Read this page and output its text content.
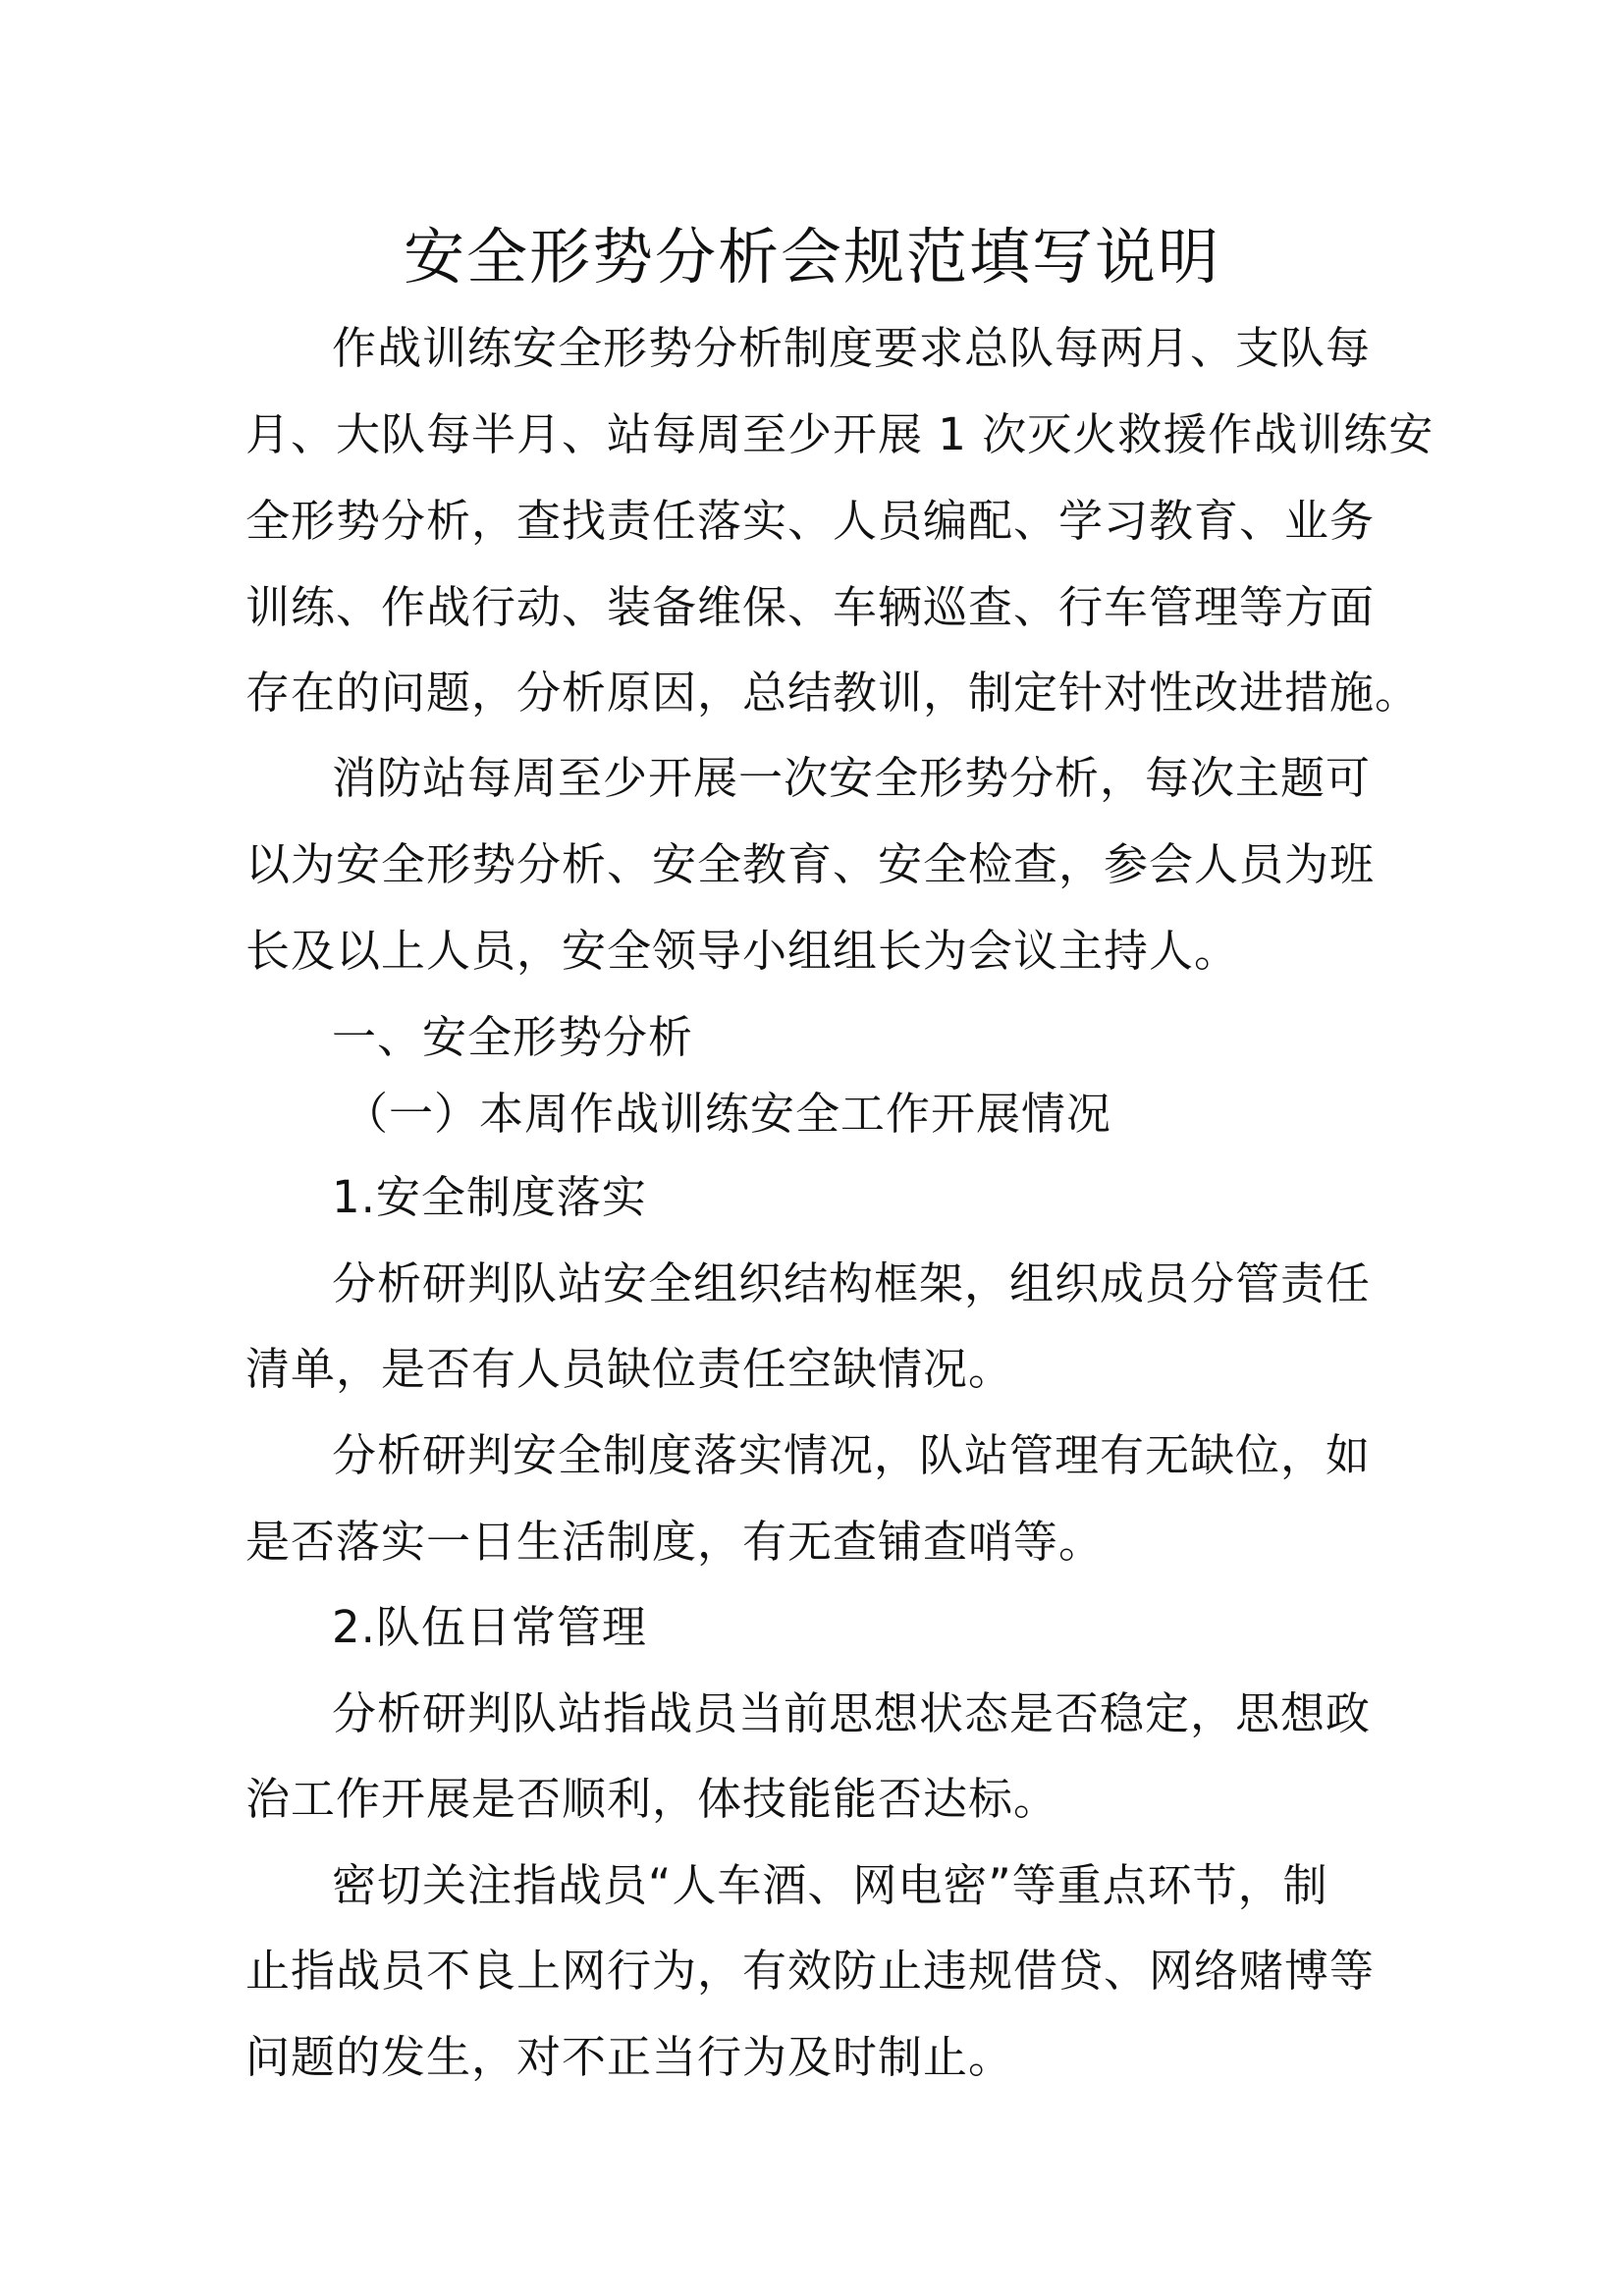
安全形势分析会规范填写说明

作战训练安全形势分析制度要求总队每两月、支队每

月、大队每半月、站每周至少开展 1 次灭火救援作战训练安

全形势分析，查找责任落实、人员编配、学习教育、业务

训练、作战行动、装备维保、车辆巡查、行车管理等方面

存在的问题，分析原因，总结教训，制定针对性改进措施。

消防站每周至少开展一次安全形势分析，每次主题可

以为安全形势分析、安全教育、安全检查，参会人员为班

长及以上人员，安全领导小组组长为会议主持人。

一、安全形势分析

（一）本周作战训练安全工作开展情况

1.安全制度落实

分析研判队站安全组织结构框架，组织成员分管责任

清单，是否有人员缺位责任空缺情况。

分析研判安全制度落实情况，队站管理有无缺位，如

是否落实一日生活制度，有无查铺查哨等。

2.队伍日常管理

分析研判队站指战员当前思想状态是否稳定，思想政

治工作开展是否顺利，体技能能否达标。

密切关注指战员“人车酒、网电密”等重点环节，制

止指战员不良上网行为，有效防止违规借贷、网络赌博等

问题的发生，对不正当行为及时制止。
